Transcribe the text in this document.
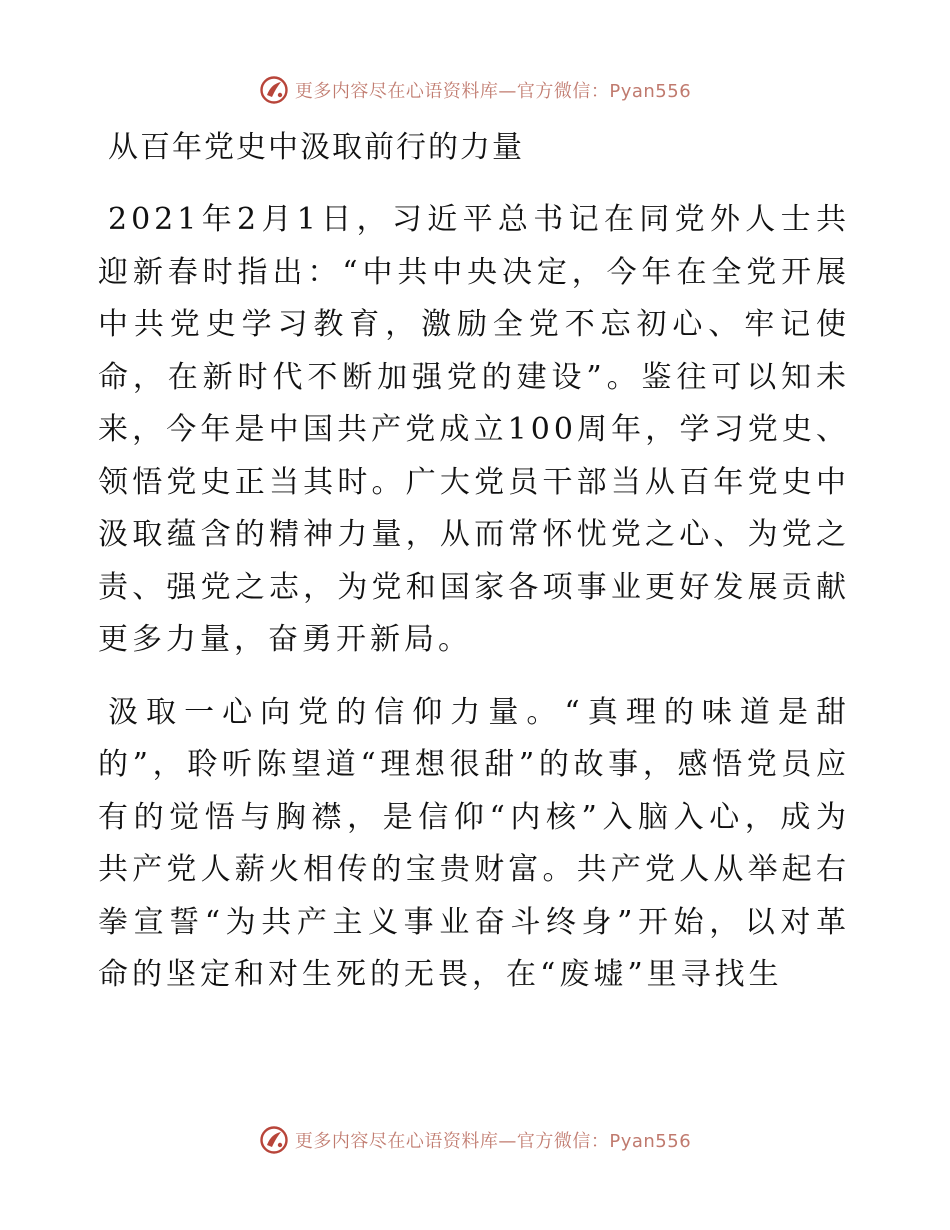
更多内容尽在心语资料库—官方微信：Pyan556
从百年党史中汲取前行的力量

2021年2月1日，习近平总书记在同党外人士共迎新春时指出：“中共中央决定，今年在全党开展中共党史学习教育，激励全党不忘初心、牢记使命，在新时代不断加强党的建设”。鉴往可以知未来，今年是中国共产党成立100周年，学习党史、领悟党史正当其时。广大党员干部当从百年党史中汲取蕴含的精神力量，从而常怀忧党之心、为党之责、强党之志，为党和国家各项事业更好发展贡献更多力量，奋勇开新局。

汲取一心向党的信仰力量。“真理的味道是甜的”，聆听陈望道“理想很甜”的故事，感悟党员应有的觉悟与胸襟，是信仰“内核”入脑入心，成为共产党人薪火相传的宝贵财富。共产党人从举起右拳宣誓“为共产主义事业奋斗终身”开始，以对革命的坚定和对生死的无畏，在“废墟”里寻找生

更多内容尽在心语资料库—官方微信：Pyan556
